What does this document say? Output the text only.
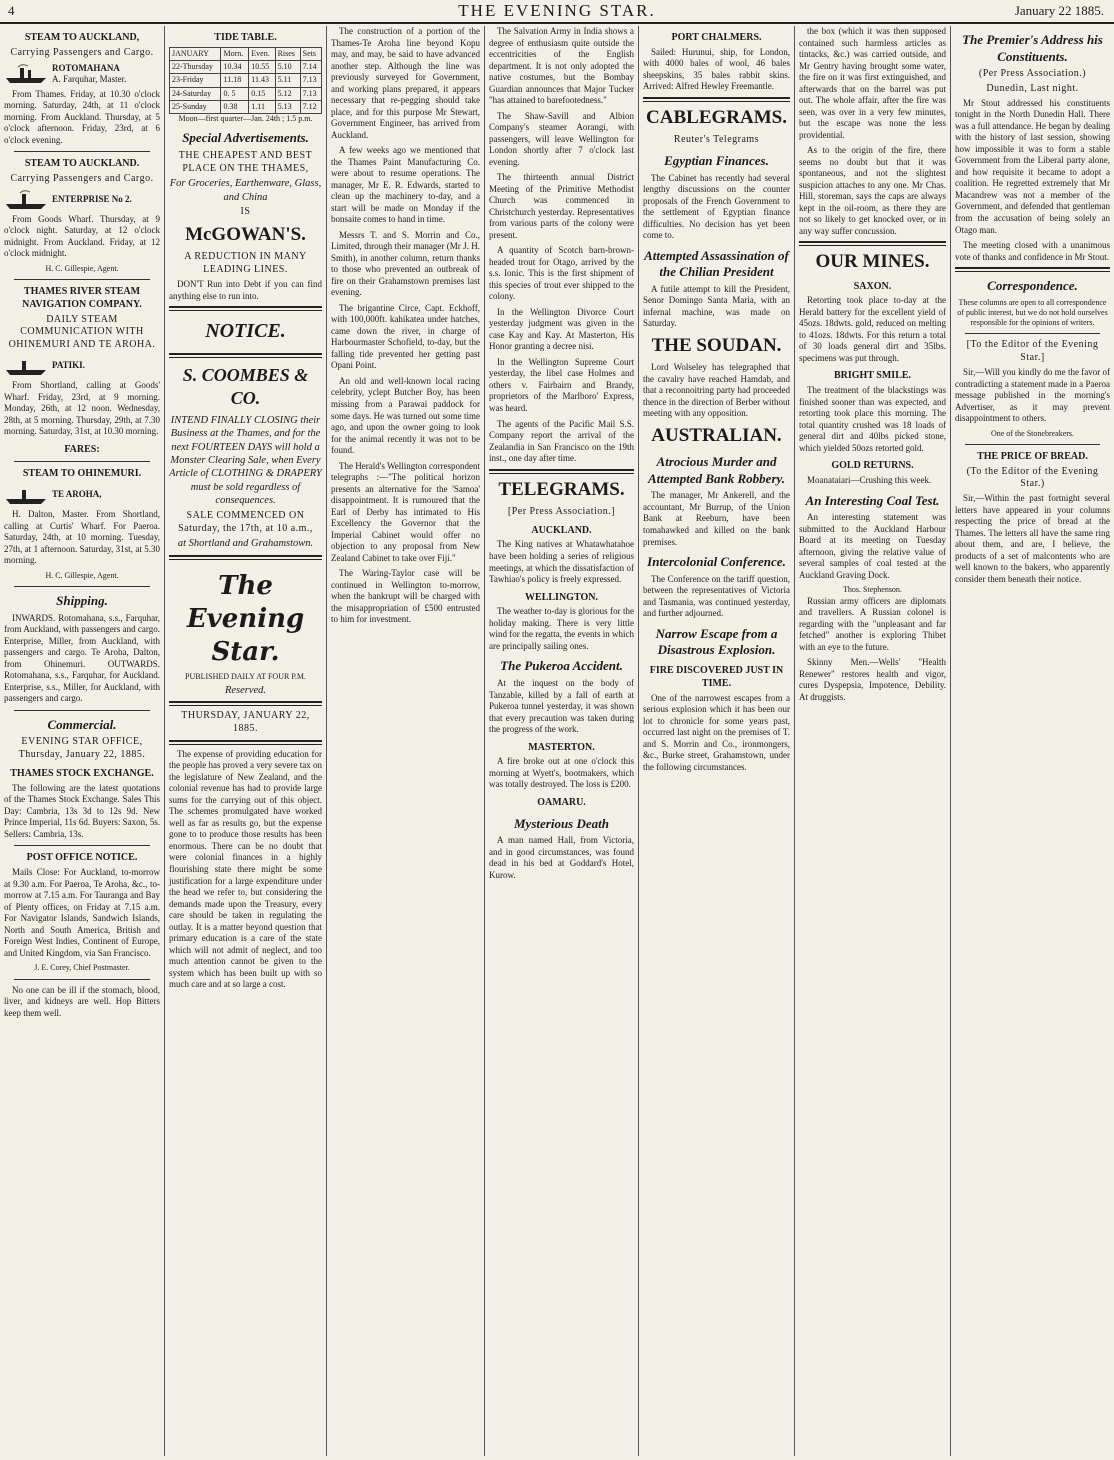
4	THE EVENING STAR.	January 22 1885.
STEAM TO AUCKLAND,
Carrying Passengers and Cargo.
ROTOMAHANA
A. Farquhar, Master.
From Thames. Friday, at 10.30 o'clock morning. Saturday, 24th, at 11 o'clock morning. From Auckland. Thursday, at 5 o'clock afternoon. Friday, 23rd, at 6 o'clock evening.
STEAM TO AUCKLAND.
Carrying Passengers and Cargo.
ENTERPRISE No 2.
From Goods Wharf. Thursday, at 9 o'clock night. Saturday, at 12 o'clock midnight. From Auckland. Friday, at 12 o'clock midnight.
H. C. Gillespie, Agent.
THAMES RIVER STEAM NAVIGATION COMPANY.
DAILY STEAM COMMUNICATION WITH OHINEMURI AND TE AROHA.
PATIKI.
From Shortland, calling at Goods' Wharf. Friday, 23rd, at 9 morning. Monday, 26th, at 12 noon. Wednesday, 28th, at 5 morning. Thursday, 29th, at 7.30 morning. Saturday, 31st, at 10.30 morning.
FARES:
STEAM TO OHINEMURI.
TE AROHA,
H. Dalton, Master. From Shortland, calling at Curtis' Wharf. For Paeroa. Saturday, 24th, at 10 morning. Tuesday, 27th, at 1 afternoon. Saturday, 31st, at 5.30 morning.
H. C. Gillespie, Agent.
Shipping.
INWARDS. Rotomahana, s.s., Farquhar, from Auckland, with passengers and cargo. Enterprise, Miller, from Auckland, with passengers and cargo. Te Aroha, Dalton, from Ohinemuri. OUTWARDS. Rotomahana, s.s., Farquhar, for Auckland. Enterprise, s.s., Miller, for Auckland, with passengers and cargo.
Commercial.
EVENING STAR OFFICE, Thursday, January 22, 1885.
THAMES STOCK EXCHANGE.
The following are the latest quotations of the Thames Stock Exchange. Sales This Day: Cambria, 13s 3d to 12s 9d. New Prince Imperial, 11s 6d. Buyers: Saxon, 5s. Sellers: Cambria, 13s.
POST OFFICE NOTICE.
Mails Close: For Auckland, to-morrow at 9.30 a.m. For Paeroa, Te Aroha, &c., to-morrow at 7.15 a.m. For Tauranga and Bay of Plenty offices, on Friday at 7.15 a.m. For Navigator Islands, Sandwich Islands, North and South America, British and Foreign West Indies, Continent of Europe, and United Kingdom, via San Francisco.
J. E. Corey, Chief Postmaster.
No one can be ill if the stomach, blood, liver, and kidneys are well. Hop Bitters keep them well.
TIDE TABLE.
JANUARY	Morn.	Even.	Rises	Sets
22-Thursday	10.34	10.55	5.10	7.14
23-Friday	11.18	11.43	5.11	7.13
24-Saturday	0. 5	0.15	5.12	7.13
25-Sunday	0.38	1.11	5.13	7.12
Moon—first quarter—Jan. 24th ; 1.5 p.m.
Special Advertisements.
THE CHEAPEST AND BEST PLACE ON THE THAMES,
For Groceries, Earthenware, Glass, and China
IS
McGOWAN'S.
A REDUCTION IN MANY LEADING LINES.
DON'T Run into Debt if you can find anything else to run into.
NOTICE.
S. COOMBES & CO.
INTEND FINALLY CLOSING their Business at the Thames, and for the next FOURTEEN DAYS will hold a Monster Clearing Sale, when Every Article of CLOTHING & DRAPERY must be sold regardless of consequences.
SALE COMMENCED ON Saturday, the 17th, at 10 a.m.,
at Shortland and Grahamstown.
The Evening Star.
PUBLISHED DAILY AT FOUR P.M.
Reserved.
THURSDAY, JANUARY 22, 1885.
The expense of providing education for the people has proved a very severe tax on the legislature of New Zealand, and the colonial revenue has had to provide large sums for the carrying out of this object. The schemes promulgated have worked well as far as results go, but the expense gone to to produce those results has been enormous. There can be no doubt that were colonial finances in a highly flourishing state there might be some justification for a large expenditure under the head we refer to, but considering the demands made upon the Treasury, every care should be taken in regulating the outlay. It is a matter beyond question that primary education is a care of the state which will not admit of neglect, and too much attention cannot be given to the system which has been built up with so much care and at so large a cost.

The construction of a portion of the Thames-Te Aroha line beyond Kopu may, and may, be said to have advanced another step. Although the line was previously surveyed for Government, and working plans prepared, it appears necessary that re-pegging should take place, and for this purpose Mr Stewart, Government Engineer, has arrived from Auckland.

A few weeks ago we mentioned that the Thames Paint Manufacturing Co. were about to resume operations. The manager, Mr E. R. Edwards, started to clean up the machinery to-day, and a start will be made on Monday if the bonsaite comes to hand in time.

Messrs T. and S. Morrin and Co., Limited, through their manager (Mr J. H. Smith), in another column, return thanks to those who prevented an outbreak of fire on their Grahamstown premises last evening.

The brigantine Circe, Capt. Eckhoff, with 100,000ft. kahikatea under hatches, came down the river, in charge of Harbourmaster Schofield, to-day, but the falling tide prevented her getting past Opani Point.

An old and well-known local racing celebrity, yclept Butcher Boy, has been missing from a Parawai paddock for some days. He was turned out some time ago, and upon the owner going to look for the animal recently it was not to be found.

The Herald's Wellington correspondent telegraphs :—"The political horizon presents an alternative for the 'Samoa' disappointment. It is rumoured that the Earl of Derby has intimated to His Excellency the Governor that the Imperial Cabinet would offer no objection to any proposal from New Zealand Cabinet to take over Fiji."

The Waring-Taylor case will be continued in Wellington to-morrow, when the bankrupt will be charged with the misappropriation of £500 entrusted to him for investment.

The Salvation Army in India shows a degree of enthusiasm quite outside the eccentricities of the English department. It is not only adopted the native costumes, but the Bombay Guardian announces that Major Tucker "has attained to barefootedness."

The Shaw-Savill and Albion Company's steamer Aorangi, with passengers, will leave Wellington for London shortly after 7 o'clock last evening.

The thirteenth annual District Meeting of the Primitive Methodist Church was commenced in Christchurch yesterday. Representatives from various parts of the colony were present.

A quantity of Scotch barn-brown-headed trout for Otago, arrived by the s.s. Ionic. This is the first shipment of this species of trout ever shipped to the colony.

In the Wellington Divorce Court yesterday judgment was given in the case Kay and Kay. At Masterton, His Honor granting a decree nisi.

In the Wellington Supreme Court yesterday, the libel case Holmes and others v. Fairbairn and Brandy, proprietors of the Marlboro' Express, was heard.

The agents of the Pacific Mail S.S. Company report the arrival of the Zealandia in San Francisco on the 19th inst., one day after time.

TELEGRAMS.
[Per Press Association.]
AUCKLAND.

The King natives at Whatawhatahoe have been holding a series of religious meetings, at which the dissatisfaction of Tawhiao's policy is freely expressed.

WELLINGTON.

The weather to-day is glorious for the holiday making. There is very little wind for the regatta, the events in which are principally sailing ones.

The Pukeroa Accident.

At the inquest on the body of Tanzable, killed by a fall of earth at Pukeroa tunnel yesterday, it was shown that every precaution was taken during the progress of the work.

MASTERTON.

A fire broke out at one o'clock this morning at Wyett's, bootmakers, which was totally destroyed. The loss is £200.

OAMARU.
Mysterious Death

A man named Hall, from Victoria, and in good circumstances, was found dead in his bed at Goddard's Hotel, Kurow.

PORT CHALMERS.

Sailed: Hurunui, ship, for London, with 4000 bales of wool, 46 bales sheepskins, 35 bales rabbit skins. Arrived: Alfred Hewley Freemantle.

CABLEGRAMS.
Reuter's Telegrams
Egyptian Finances.

The Cabinet has recently had several lengthy discussions on the counter proposals of the French Government to the settlement of Egyptian finance difficulties. No decision has yet been come to.

Attempted Assassination of the Chilian President

A futile attempt to kill the President, Senor Domingo Santa Maria, with an infernal machine, was made on Saturday.

THE SOUDAN.

Lord Wolseley has telegraphed that the cavalry have reached Hamdab, and that a reconnoitring party had proceeded thence in the direction of Berber without meeting with any opposition.

AUSTRALIAN.
Atrocious Murder and Attempted Bank Robbery.

The manager, Mr Ankerell, and the accountant, Mr Burrup, of the Union Bank at Reeburn, have been tomahawked and killed on the bank premises.

Intercolonial Conference.

The Conference on the tariff question, between the representatives of Victoria and Tasmania, was continued yesterday, and further adjourned.

Narrow Escape from a Disastrous Explosion.
FIRE DISCOVERED JUST IN TIME.

One of the narrowest escapes from a serious explosion which it has been our lot to chronicle for some years past, occurred last night on the premises of T. and S. Morrin and Co., ironmongers, &c., Burke street, Grahamstown, under the following circumstances.

the box (which it was then supposed contained such harmless articles as tintacks, &c.) was carried outside, and Mr Gentry having brought some water, the fire on it was first extinguished, and afterwards that on the barrel was put out. The whole affair, after the fire was seen, was over in a very few minutes, but the escape was none the less providential.

As to the origin of the fire, there seems no doubt but that it was spontaneous, and not the slightest suspicion attaches to any one. Mr Chas. Hill, storeman, says the caps are always kept in the oil-room, as there they are not so likely to get knocked over, or in any way suffer concussion.

OUR MINES.
SAXON.

Retorting took place to-day at the Herald battery for the excellent yield of 45ozs. 18dwts. gold, reduced on melting to 41ozs. 18dwts. For this return a total of 30 loads general dirt and 35lbs. specimens was put through.

BRIGHT SMILE.

The treatment of the blackstings was finished sooner than was expected, and retorting took place this morning. The total quantity crushed was 18 loads of general dirt and 40lbs picked stone, which yielded 50ozs retorted gold.

GOLD RETURNS.

Moanataiari—Crushing this week.

An Interesting Coal Test.

An interesting statement was submitted to the Auckland Harbour Board at its meeting on Tuesday afternoon, giving the relative value of several samples of coal tested at the Auckland Graving Dock.

Thos. Stephenson.

Russian army officers are diplomats and travellers. A Russian colonel is regarding with the "unpleasant and far fetched" another is exploring Thibet with an eye to the future.

Skinny Men.—Wells' "Health Renewer" restores health and vigor, cures Dyspepsia, Impotence, Debility. At druggists.

The Premier's Address his Constituents.
(Per Press Association.)
Dunedin, Last night.

Mr Stout addressed his constituents tonight in the North Dunedin Hall. There was a full attendance. He began by dealing with the history of last session, showing how impossible it was to form a stable Government from the Liberal party alone, and how requisite it became to adopt a coalition. He regretted extremely that Mr Macandrew was not a member of the Government, and defended that gentleman from the accusation of being solely an Otago man.

The meeting closed with a unanimous vote of thanks and confidence in Mr Stout.

Correspondence.
These columns are open to all correspondence of public interest, but we do not hold ourselves responsible for the opinions of writers.
[To the Editor of the Evening Star.]

Sir,—Will you kindly do me the favor of contradicting a statement made in a Paeroa message published in the morning's Advertiser, as it may prevent disappointment to others.

One of the Stonebreakers.
THE PRICE OF BREAD.
(To the Editor of the Evening Star.)

Sir,—Within the past fortnight several letters have appeared in your columns respecting the price of bread at the Thames. The letters all have the same ring about them, and are, I believe, the products of a set of malcontents who are well known to the bakers, who apparently consider them beneath their notice.
